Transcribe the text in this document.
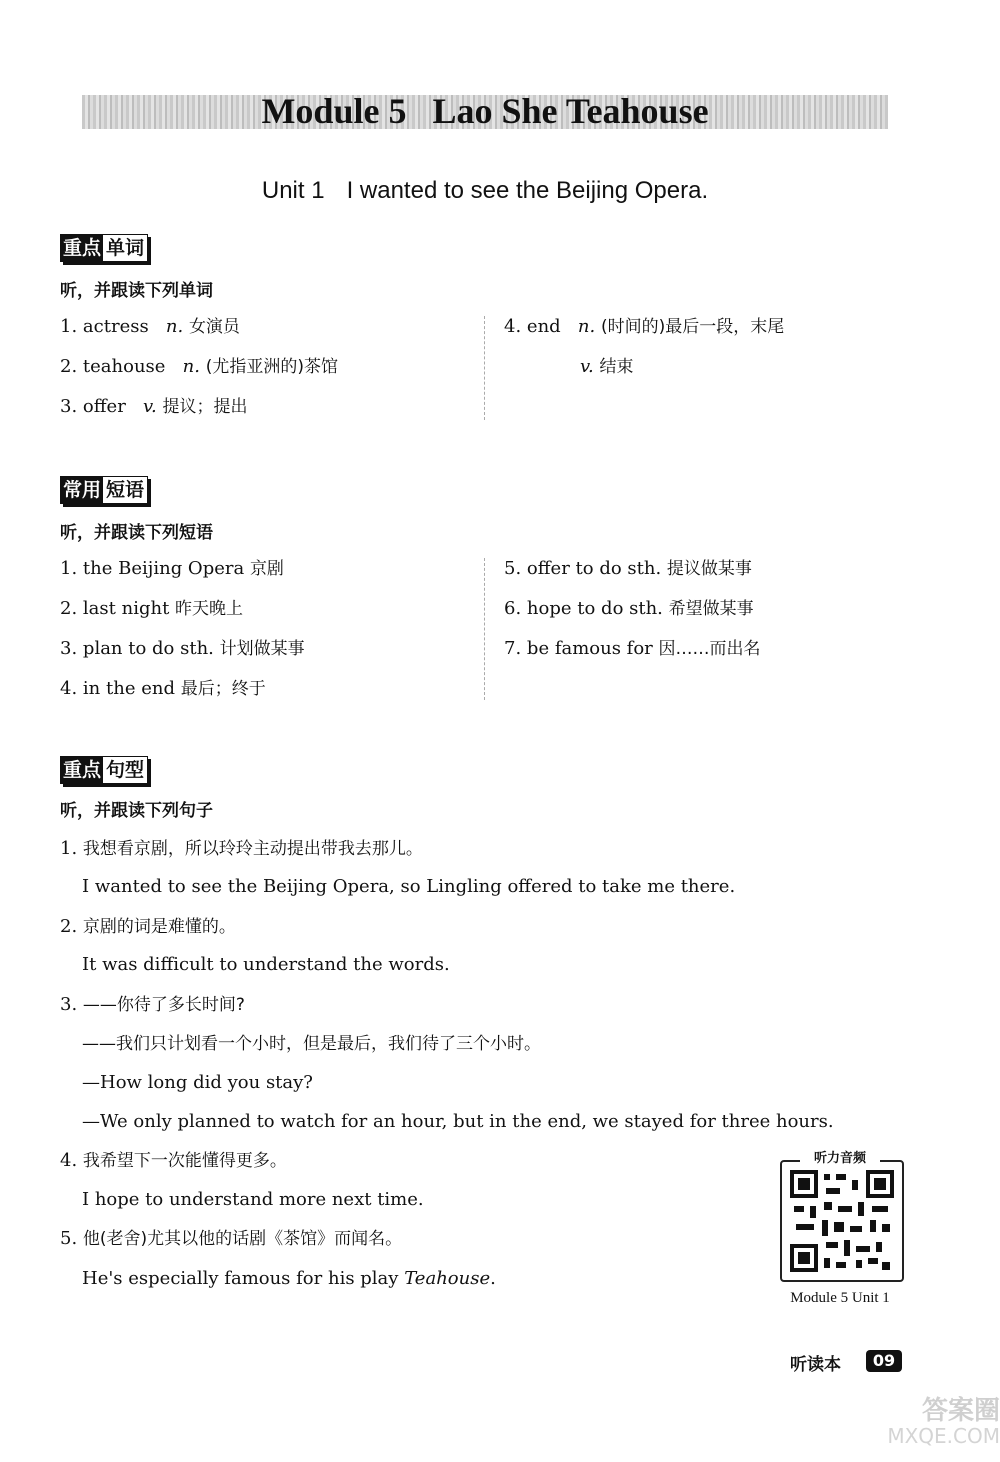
Module 5 Lao She Teahouse
Unit 1 I wanted to see the Beijing Opera.
重点 单词
听，并跟读下列单词
1. actress n. 女演员
2. teahouse n. (尤指亚洲的)茶馆
3. offer v. 提议；提出
4. end n. (时间的)最后一段，末尾
v. 结束
常用 短语
听，并跟读下列短语
1. the Beijing Opera 京剧
2. last night 昨天晚上
3. plan to do sth. 计划做某事
4. in the end 最后；终于
5. offer to do sth. 提议做某事
6. hope to do sth. 希望做某事
7. be famous for 因……而出名
重点 句型
听，并跟读下列句子
1. 我想看京剧，所以玲玲主动提出带我去那儿。
I wanted to see the Beijing Opera, so Lingling offered to take me there.
2. 京剧的词是难懂的。
It was difficult to understand the words.
3. ——你待了多长时间?
——我们只计划看一个小时，但是最后，我们待了三个小时。
—How long did you stay?
—We only planned to watch for an hour, but in the end, we stayed for three hours.
4. 我希望下一次能懂得更多。
I hope to understand more next time.
5. 他(老舍)尤其以他的话剧《茶馆》而闻名。
He's especially famous for his play Teahouse.
听力音频
Module 5 Unit 1
听读本	09
答案圈
MXQE.COM
